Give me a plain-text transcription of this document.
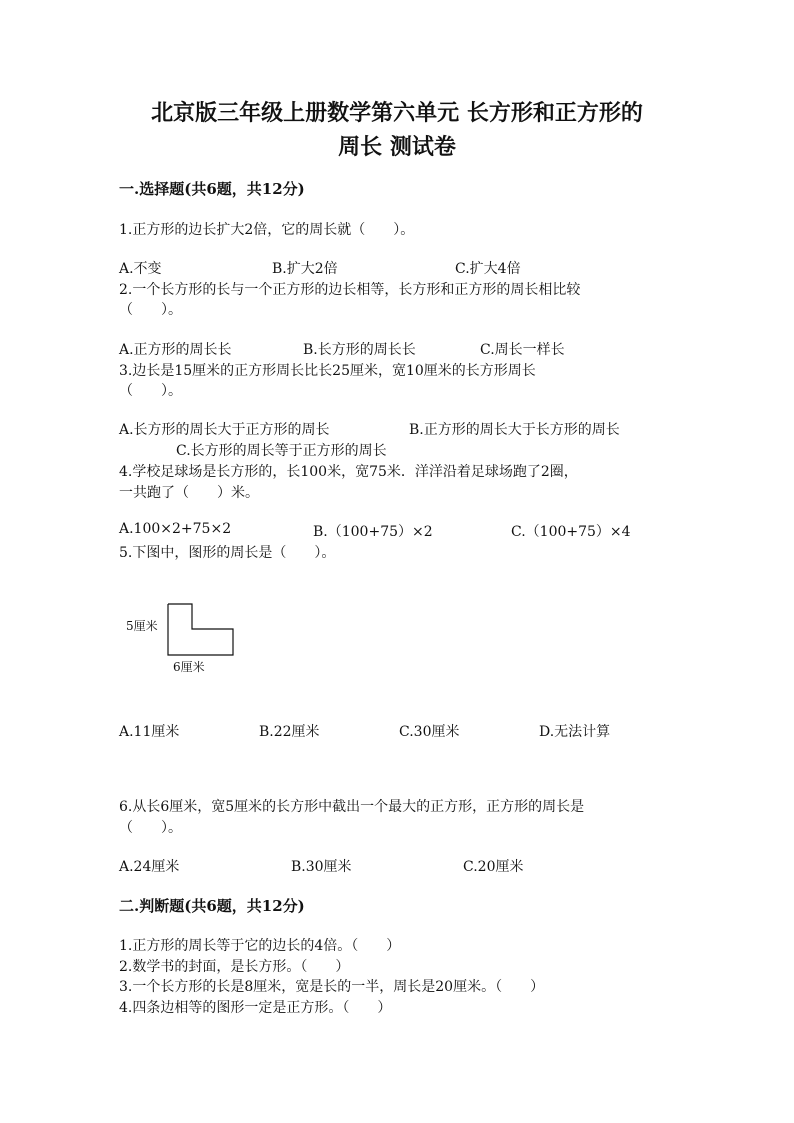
北京版三年级上册数学第六单元 长方形和正方形的
周长 测试卷
一.选择题(共6题，共12分)
1.正方形的边长扩大2倍，它的周长就（　　）。
A.不变	B.扩大2倍	C.扩大4倍
2.一个长方形的长与一个正方形的边长相等，长方形和正方形的周长相比较
（　　）。
A.正方形的周长长	B.长方形的周长长	C.周长一样长
3.边长是15厘米的正方形周长比长25厘米，宽10厘米的长方形周长
（　　）。
A.长方形的周长大于正方形的周长	B.正方形的周长大于长方形的周长
C.长方形的周长等于正方形的周长
4.学校足球场是长方形的，长100米，宽75米．洋洋沿着足球场跑了2圈，
一共跑了（　　）米。
A.100×2+75×2	B.（100+75）×2	C.（100+75）×4
5.下图中，图形的周长是（　　）。
5厘米
6厘米
A.11厘米	B.22厘米	C.30厘米	D.无法计算
6.从长6厘米，宽5厘米的长方形中截出一个最大的正方形，正方形的周长是
（　　）。
A.24厘米	B.30厘米	C.20厘米
二.判断题(共6题，共12分)
1.正方形的周长等于它的边长的4倍。（　　）
2.数学书的封面，是长方形。（　　）
3.一个长方形的长是8厘米，宽是长的一半，周长是20厘米。（　　）
4.四条边相等的图形一定是正方形。（　　）
